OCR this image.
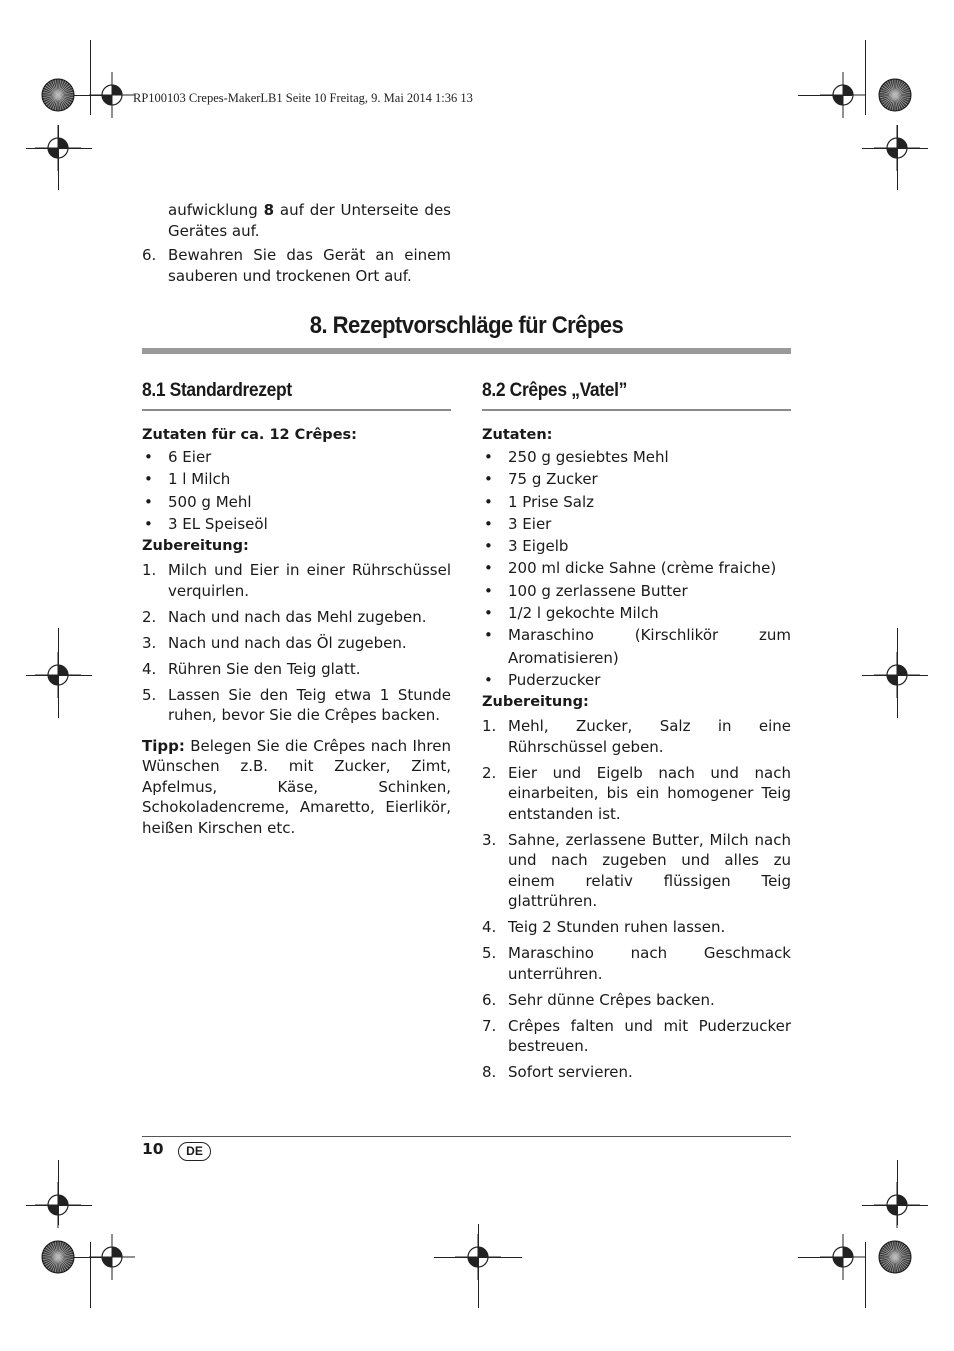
RP100103 Crepes-MakerLB1 Seite 10 Freitag, 9. Mai 2014 1:36 13

aufwicklung 8 auf der Unterseite des Gerätes auf.

6. Bewahren Sie das Gerät an einem sauberen und trockenen Ort auf.
8. Rezeptvorschläge für Crêpes
8.1 Standardrezept
Zutaten für ca. 12 Crêpes:
• 6 Eier
• 1 l Milch
• 500 g Mehl
• 3 EL Speiseöl
Zubereitung:
1. Milch und Eier in einer Rührschüssel verquirlen.
2. Nach und nach das Mehl zugeben.
3. Nach und nach das Öl zugeben.
4. Rühren Sie den Teig glatt.
5. Lassen Sie den Teig etwa 1 Stunde ruhen, bevor Sie die Crêpes backen.

Tipp: Belegen Sie die Crêpes nach Ihren Wünschen z.B. mit Zucker, Zimt, Apfelmus, Käse, Schinken, Schokoladencreme, Amaretto, Eierlikör, heißen Kirschen etc.

8.2 Crêpes „Vatel”
Zutaten:
• 250 g gesiebtes Mehl
• 75 g Zucker
• 1 Prise Salz
• 3 Eier
• 3 Eigelb
• 200 ml dicke Sahne (crème fraiche)
• 100 g zerlassene Butter
• 1/2 l gekochte Milch
• Maraschino (Kirschlikör zum Aromatisieren)
• Puderzucker
Zubereitung:
1. Mehl, Zucker, Salz in eine Rührschüssel geben.
2. Eier und Eigelb nach und nach einarbeiten, bis ein homogener Teig entstanden ist.
3. Sahne, zerlassene Butter, Milch nach und nach zugeben und alles zu einem relativ flüssigen Teig glattrühren.
4. Teig 2 Stunden ruhen lassen.
5. Maraschino nach Geschmack unterrühren.
6. Sehr dünne Crêpes backen.
7. Crêpes falten und mit Puderzucker bestreuen.
8. Sofort servieren.
10	DE
